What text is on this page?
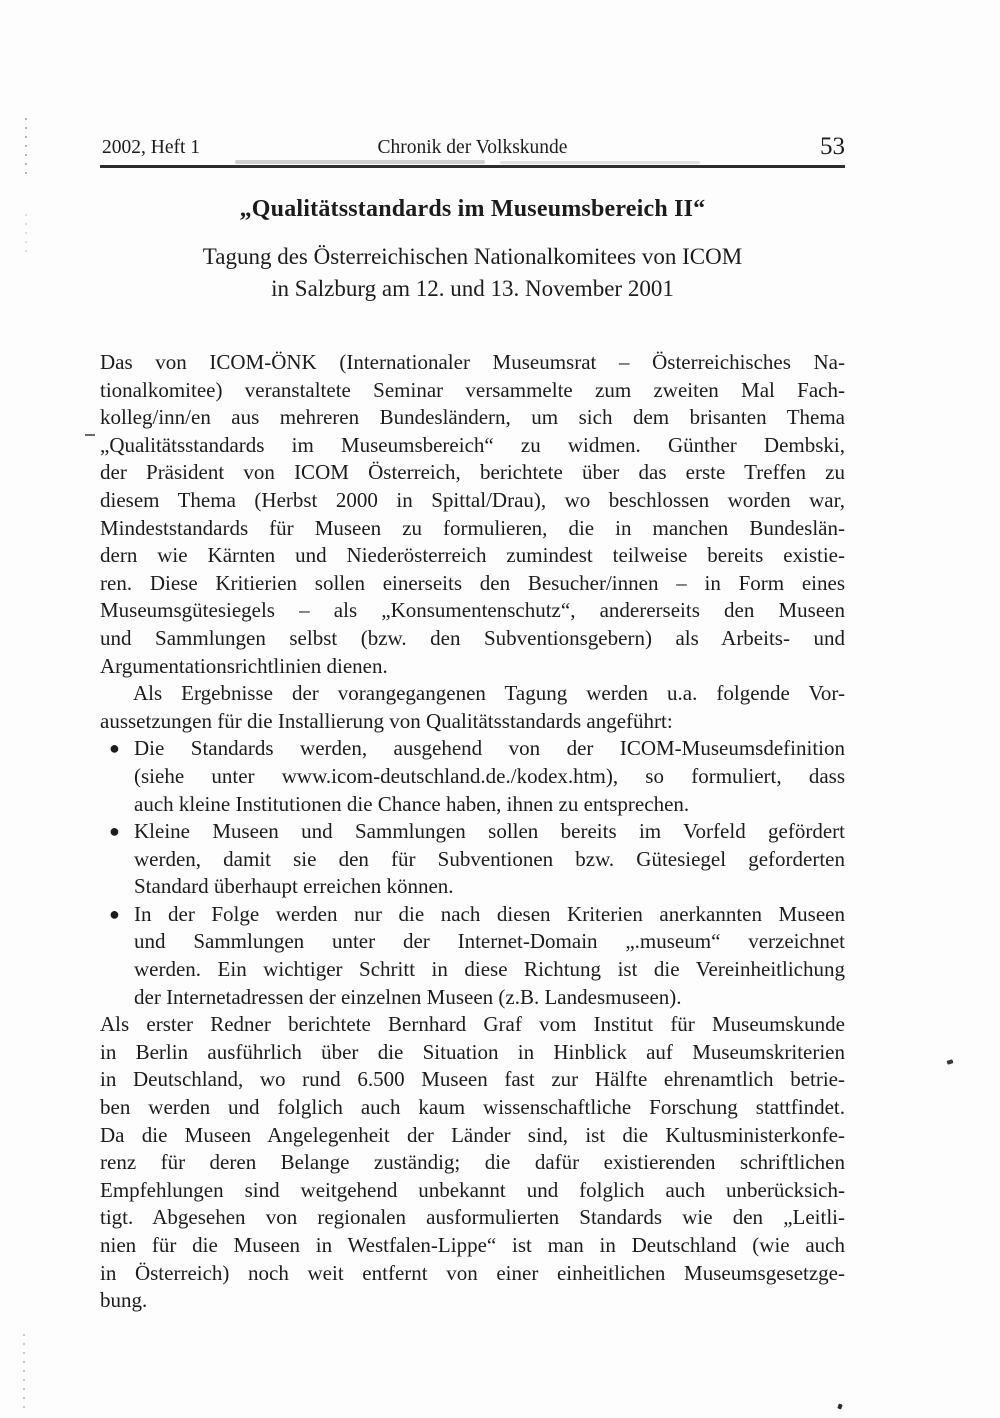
2002, Heft 1	Chronik der Volkskunde	53
„Qualitätsstandards im Museumsbereich II“
Tagung des Österreichischen Nationalkomitees von ICOM
in Salzburg am 12. und 13. November 2001
Das von ICOM-ÖNK (Internationaler Museumsrat – Österreichisches Na-
tionalkomitee) veranstaltete Seminar versammelte zum zweiten Mal Fach-
kolleg/inn/en aus mehreren Bundesländern, um sich dem brisanten Thema
„Qualitätsstandards im Museumsbereich“ zu widmen. Günther Dembski,
der Präsident von ICOM Österreich, berichtete über das erste Treffen zu
diesem Thema (Herbst 2000 in Spittal/Drau), wo beschlossen worden war,
Mindeststandards für Museen zu formulieren, die in manchen Bundeslän-
dern wie Kärnten und Niederösterreich zumindest teilweise bereits existie-
ren. Diese Kritierien sollen einerseits den Besucher/innen – in Form eines
Museumsgütesiegels – als „Konsumentenschutz“, andererseits den Museen
und Sammlungen selbst (bzw. den Subventionsgebern) als Arbeits- und
Argumentationsrichtlinien dienen.
Als Ergebnisse der vorangegangenen Tagung werden u.a. folgende Vor-
aussetzungen für die Installierung von Qualitätsstandards angeführt:
● Die Standards werden, ausgehend von der ICOM-Museumsdefinition
(siehe unter www.icom-deutschland.de./kodex.htm), so formuliert, dass
auch kleine Institutionen die Chance haben, ihnen zu entsprechen.
● Kleine Museen und Sammlungen sollen bereits im Vorfeld gefördert
werden, damit sie den für Subventionen bzw. Gütesiegel geforderten
Standard überhaupt erreichen können.
● In der Folge werden nur die nach diesen Kriterien anerkannten Museen
und Sammlungen unter der Internet-Domain „.museum“ verzeichnet
werden. Ein wichtiger Schritt in diese Richtung ist die Vereinheitlichung
der Internetadressen der einzelnen Museen (z.B. Landesmuseen).
Als erster Redner berichtete Bernhard Graf vom Institut für Museumskunde
in Berlin ausführlich über die Situation in Hinblick auf Museumskriterien
in Deutschland, wo rund 6.500 Museen fast zur Hälfte ehrenamtlich betrie-
ben werden und folglich auch kaum wissenschaftliche Forschung stattfindet.
Da die Museen Angelegenheit der Länder sind, ist die Kultusministerkonfe-
renz für deren Belange zuständig; die dafür existierenden schriftlichen
Empfehlungen sind weitgehend unbekannt und folglich auch unberücksich-
tigt. Abgesehen von regionalen ausformulierten Standards wie den „Leitli-
nien für die Museen in Westfalen-Lippe“ ist man in Deutschland (wie auch
in Österreich) noch weit entfernt von einer einheitlichen Museumsgesetzge-
bung.
